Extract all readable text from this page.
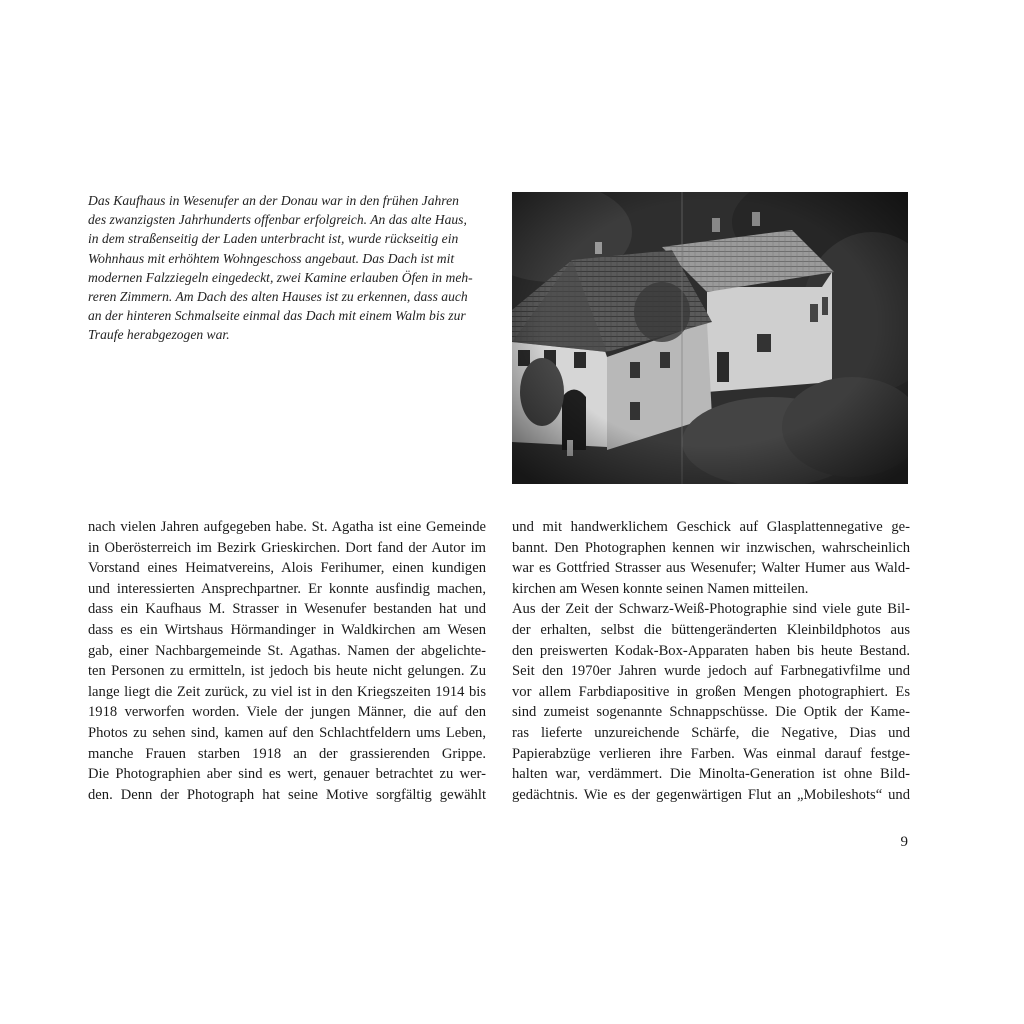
Das Kaufhaus in Wesenufer an der Donau war in den frühen Jahren
des zwanzigsten Jahrhunderts offenbar erfolgreich. An das alte Haus,
in dem straßenseitig der Laden unterbracht ist, wurde rückseitig ein
Wohnhaus mit erhöhtem Wohngeschoss angebaut. Das Dach ist mit
modernen Falzziegeln eingedeckt, zwei Kamine erlauben Öfen in meh-
reren Zimmern. Am Dach des alten Hauses ist zu erkennen, dass auch
an der hinteren Schmalseite einmal das Dach mit einem Walm bis zur
Traufe herabgezogen war.
nach vielen Jahren aufgegeben habe. St. Agatha ist eine Gemeinde
in Oberösterreich im Bezirk Grieskirchen. Dort fand der Autor im
Vorstand eines Heimatvereins, Alois Ferihumer, einen kundigen
und interessierten Ansprechpartner. Er konnte ausfindig machen,
dass ein Kaufhaus M. Strasser in Wesenufer bestanden hat und
dass es ein Wirtshaus Hörmandinger in Waldkirchen am Wesen
gab, einer Nachbargemeinde St. Agathas. Namen der abgelichte-
ten Personen zu ermitteln, ist jedoch bis heute nicht gelungen. Zu
lange liegt die Zeit zurück, zu viel ist in den Kriegszeiten 1914 bis
1918 verworfen worden. Viele der jungen Männer, die auf den
Photos zu sehen sind, kamen auf den Schlachtfeldern ums Leben,
manche Frauen starben 1918 an der grassierenden Grippe.
Die Photographien aber sind es wert, genauer betrachtet zu wer-
den. Denn der Photograph hat seine Motive sorgfältig gewählt
und mit handwerklichem Geschick auf Glasplattennegative ge-
bannt. Den Photographen kennen wir inzwischen, wahrscheinlich
war es Gottfried Strasser aus Wesenufer; Walter Humer aus Wald-
kirchen am Wesen konnte seinen Namen mitteilen.
Aus der Zeit der Schwarz-Weiß-Photographie sind viele gute Bil-
der erhalten, selbst die büttengeränderten Kleinbildphotos aus
den preiswerten Kodak-Box-Apparaten haben bis heute Bestand.
Seit den 1970er Jahren wurde jedoch auf Farbnegativfilme und
vor allem Farbdiapositive in großen Mengen photographiert. Es
sind zumeist sogenannte Schnappschüsse. Die Optik der Kame-
ras lieferte unzureichende Schärfe, die Negative, Dias und
Papierabzüge verlieren ihre Farben. Was einmal darauf festge-
halten war, verdämmert. Die Minolta-Generation ist ohne Bild-
gedächtnis. Wie es der gegenwärtigen Flut an „Mobileshots“ und
9
